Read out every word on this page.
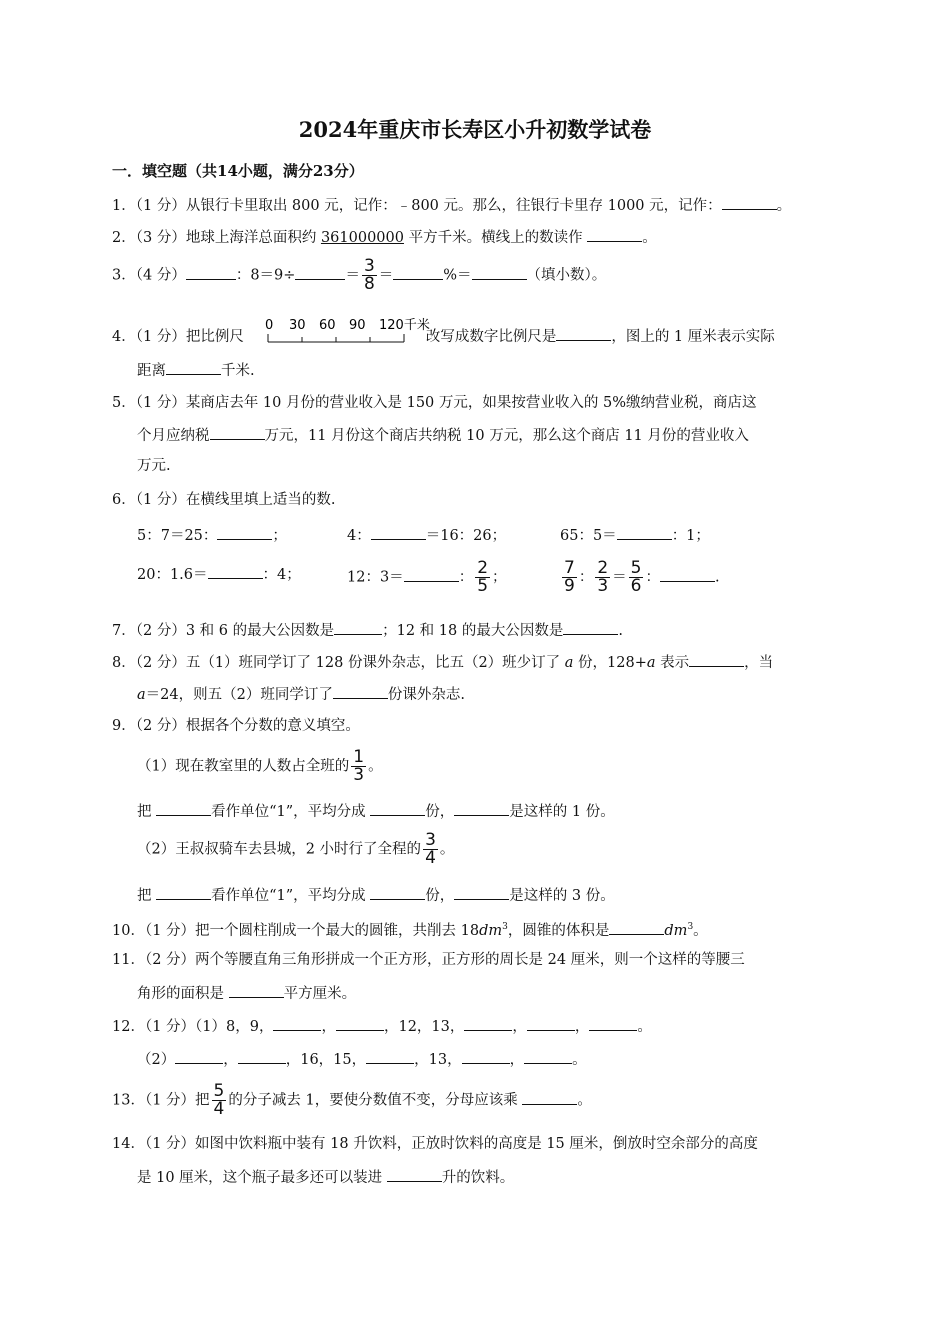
2024年重庆市长寿区小升初数学试卷
一．填空题（共14小题，满分23分）
1．（1 分）从银行卡里取出 800 元，记作：﹣800 元。那么，往银行卡里存 1000 元，记作：	。
2．（3 分）地球上海洋总面积约 361000000 平方千米。横线上的数读作	。
3．（4 分）	：8＝9÷	＝ $\frac{3}{8}$ ＝	%＝	（填小数）。
4．（1 分）把比例尺	改写成数字比例尺是	，图上的 1 厘米表示实际
0 30 60 90 120千米
距离	千米.
5．（1 分）某商店去年 10 月份的营业收入是 150 万元，如果按营业收入的 5%缴纳营业税，商店这
个月应纳税	万元，11 月份这个商店共纳税 10 万元，那么这个商店 11 月份的营业收入
万元.
6．（1 分）在横线里填上适当的数.
5：7＝25：	；	4：	＝16：26；	65：5＝	：1；
20：1.6＝	：4；	12：3＝	： $\frac{2}{5}$ ；	$\frac{7}{9}$ ： $\frac{2}{3} = \frac{5}{6}$ ：	.
7．（2 分）3 和 6 的最大公因数是	；12 和 18 的最大公因数是	.
8．（2 分）五（1）班同学订了 128 份课外杂志，比五（2）班少订了 a 份，128+a 表示	，当
a＝24，则五（2）班同学订了	份课外杂志.
9．（2 分）根据各个分数的意义填空。
（1）现在教室里的人数占全班的 $\frac{1}{3}$ 。
把	看作单位“1”，平均分成	份，	是这样的 1 份。
（2）王叔叔骑车去县城，2 小时行了全程的 $\frac{3}{4}$ 。
把	看作单位“1”，平均分成	份，	是这样的 3 份。
10．（1 分）把一个圆柱削成一个最大的圆锥，共削去 $18dm^3$，圆锥的体积是	$dm^3$。
11．（2 分）两个等腰直角三角形拼成一个正方形，正方形的周长是 24 厘米，则一个这样的等腰三
角形的面积是	平方厘米。
12．（1 分）（1）8，9，	，	，12，13，	，	，	。
（2）	，	，16，15，	，13，	，	。
13．（1 分）把 $\frac{5}{4}$ 的分子减去 1，要使分数值不变，分母应该乘	。
14．（1 分）如图中饮料瓶中装有 18 升饮料，正放时饮料的高度是 15 厘米，倒放时空余部分的高度
是 10 厘米，这个瓶子最多还可以装进	升的饮料。
